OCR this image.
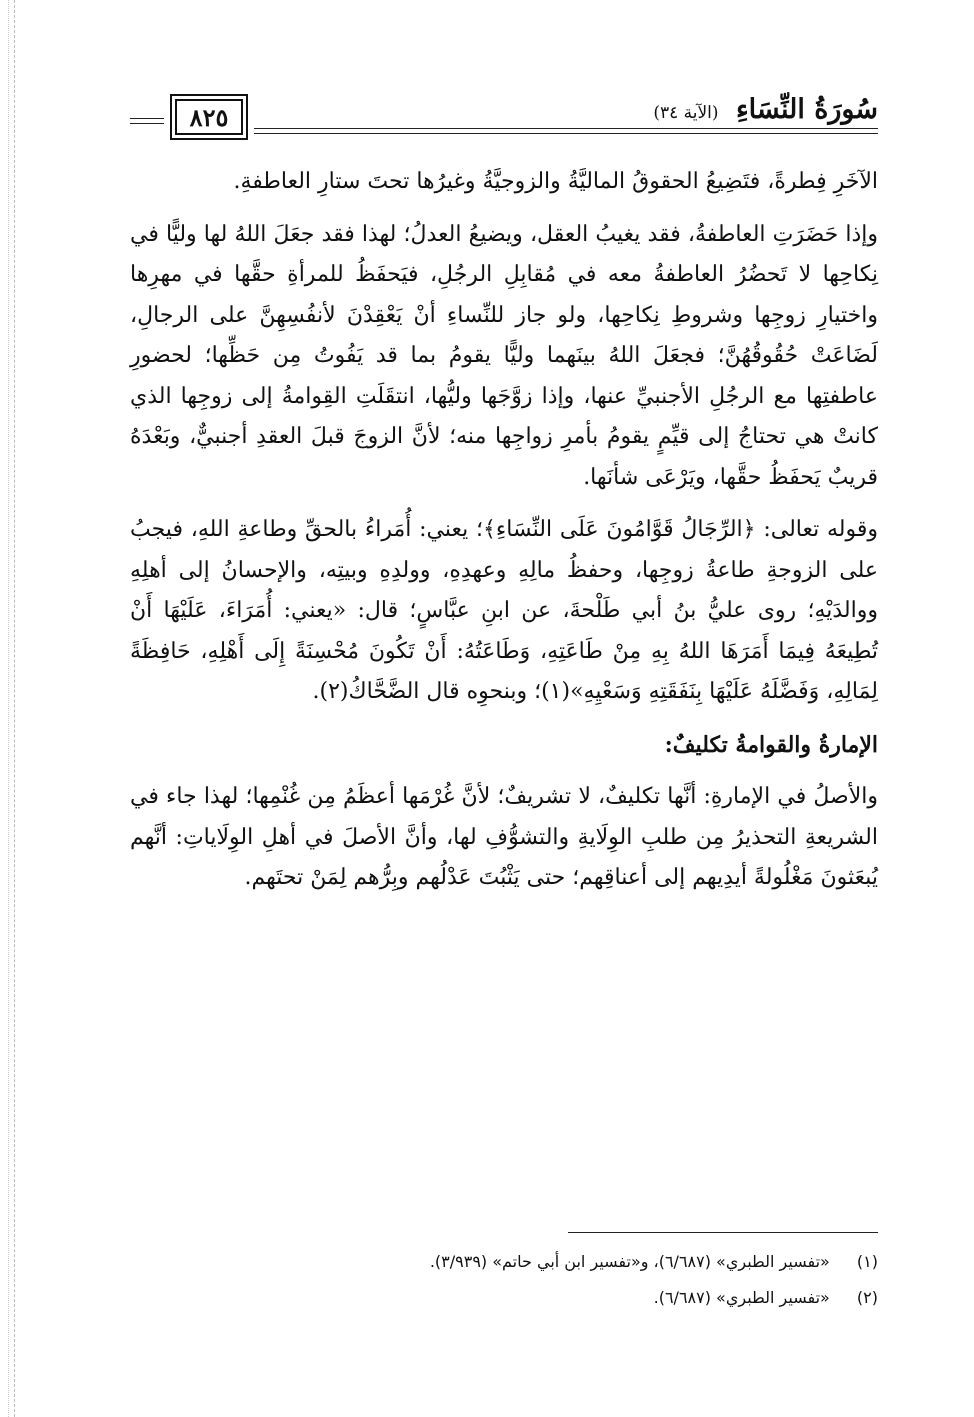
سُورَةُ النِّسَاءِ (الآية ٣٤)
٨٢٥

الآخَرِ فِطرةً، فتَضِيعُ الحقوقُ الماليَّةُ والزوجيَّةُ وغيرُها تحتَ ستارِ العاطفةِ.

وإذا حَضَرَتِ العاطفةُ، فقد يغيبُ العقل، ويضيعُ العدلُ؛ لهذا فقد جعَلَ اللهُ لها وليًّا في نِكاحِها لا تَحضُرُ العاطفةُ معه في مُقابِلِ الرجُلِ، فيَحفَظُ للمرأةِ حقَّها في مهرِها واختيارِ زوجِها وشروطِ نِكاحِها، ولو جاز للنِّساءِ أنْ يَعْقِدْنَ لأنفُسِهِنَّ على الرجالِ، لَضَاعَتْ حُقُوقُهُنَّ؛ فجعَلَ اللهُ بينَهما وليًّا يقومُ بما قد يَفُوتُ مِن حَظِّها؛ لحضورِ عاطفتِها مع الرجُلِ الأجنبيِّ عنها، وإذا زوَّجَها وليُّها، انتقَلَتِ القِوامةُ إلى زوجِها الذي كانتْ هي تحتاجُ إلى قيِّمٍ يقومُ بأمرِ زواجِها منه؛ لأنَّ الزوجَ قبلَ العقدِ أجنبيٌّ، وبَعْدَهُ قريبٌ يَحفَظُ حقَّها، ويَرْعَى شأنَها.

وقوله تعالى: ﴿الرِّجَالُ قَوَّامُونَ عَلَى النِّسَاءِ﴾؛ يعني: أُمَراءُ بالحقِّ وطاعةِ اللهِ، فيجبُ على الزوجةِ طاعةُ زوجِها، وحفظُ مالِهِ وعهدِهِ، وولدِهِ وبيتِه، والإحسانُ إلى أهلِهِ ووالدَيْهِ؛ روى عليُّ بنُ أبي طَلْحةَ، عن ابنِ عبَّاسٍ؛ قال: «يعني: أُمَرَاءَ، عَلَيْهَا أَنْ تُطِيعَهُ فِيمَا أَمَرَهَا اللهُ بِهِ مِنْ طَاعَتِهِ، وَطَاعَتُهُ: أَنْ تَكُونَ مُحْسِنَةً إِلَى أَهْلِهِ، حَافِظَةً لِمَالِهِ، وَفَضَّلَهُ عَلَيْهَا بِنَفَقَتِهِ وَسَعْيِهِ»(١)؛ وبنحوِه قال الضَّحَّاكُ(٢).

الإمارةُ والقوامةُ تكليفٌ:

والأصلُ في الإمارةِ: أنَّها تكليفٌ، لا تشريفٌ؛ لأنَّ غُرْمَها أعظَمُ مِن غُنْمِها؛ لهذا جاء في الشريعةِ التحذيرُ مِن طلبِ الوِلَايةِ والتشوُّفِ لها، وأنَّ الأصلَ في أهلِ الوِلَاياتِ: أنَّهم يُبعَثونَ مَغْلُولةً أيدِيهم إلى أعناقِهم؛ حتى يَثْبُتَ عَدْلُهم وبِرُّهم لِمَنْ تحتَهم.

(١) «تفسير الطبري» (٦/٦٨٧)، و«تفسير ابن أبي حاتم» (٣/٩٣٩).

(٢) «تفسير الطبري» (٦/٦٨٧).
